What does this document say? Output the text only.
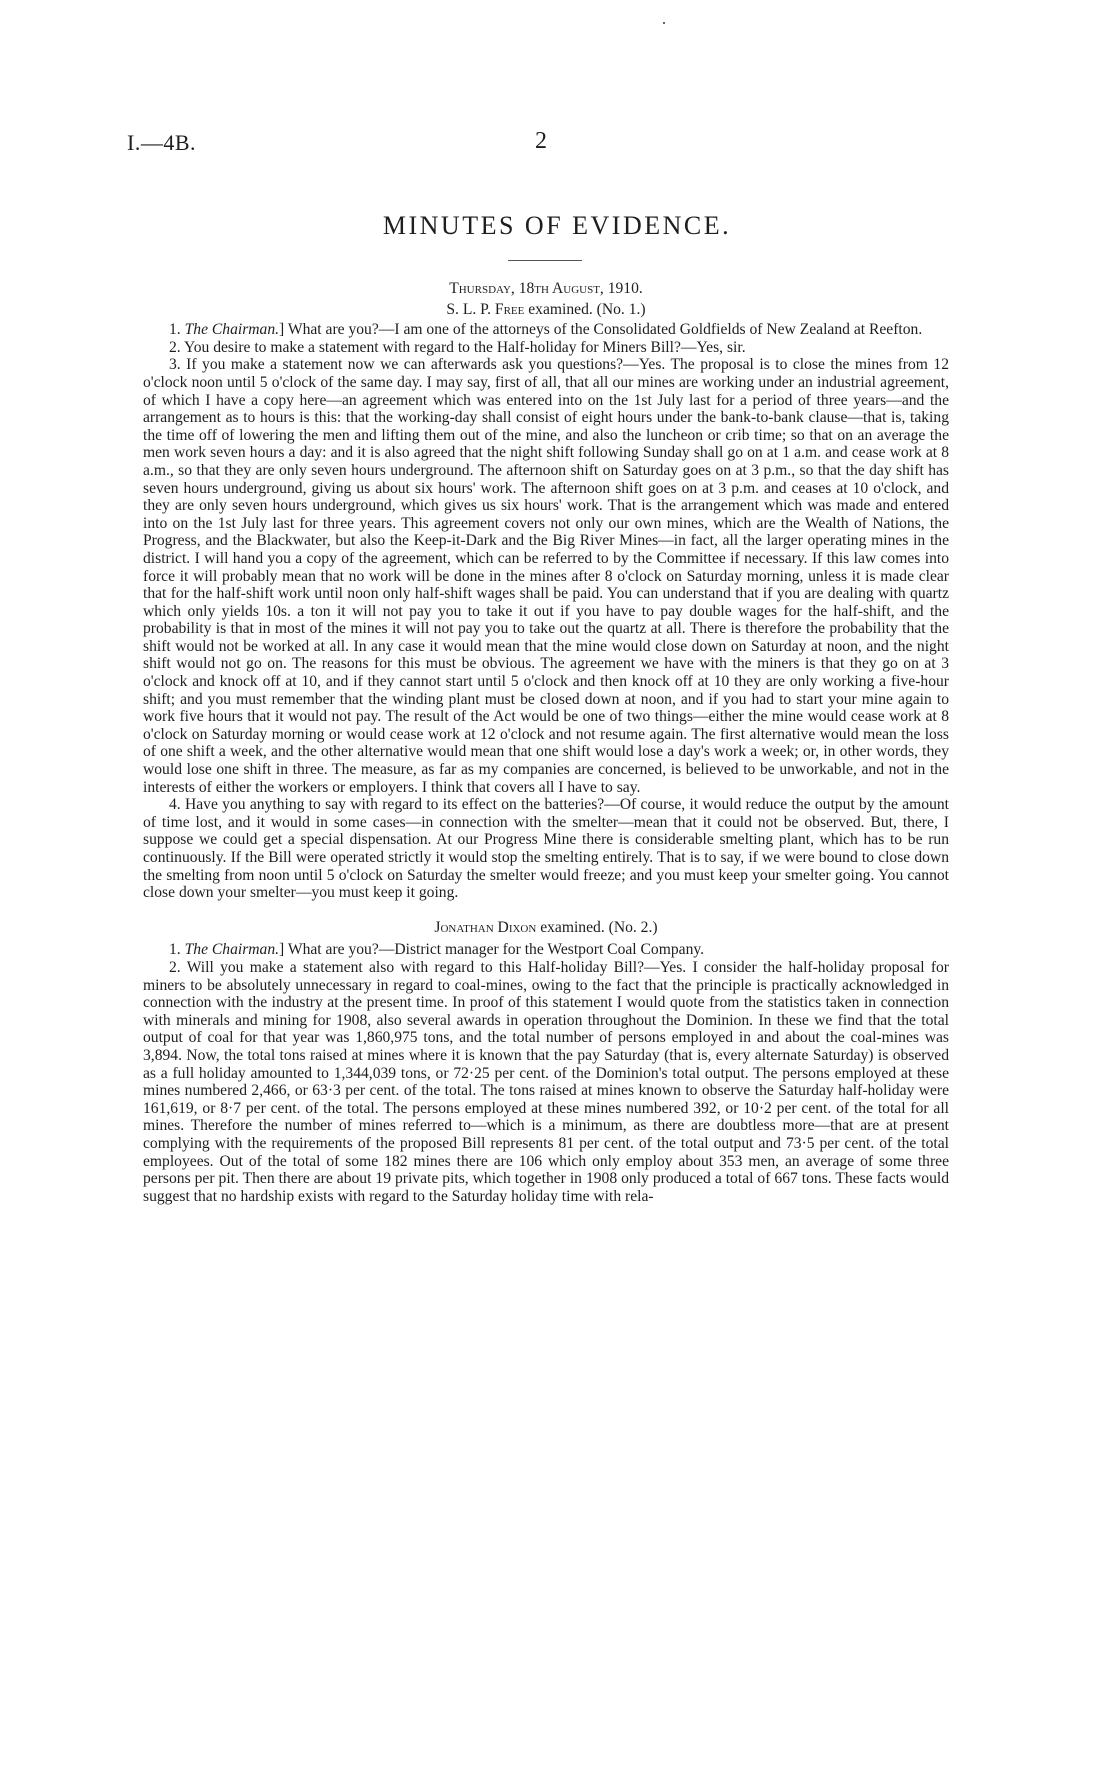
I.—4B.	2
MINUTES OF EVIDENCE.
Thursday, 18th August, 1910.
S. L. P. Free examined. (No. 1.)

1. The Chairman.] What are you?—I am one of the attorneys of the Consolidated Goldfields of New Zealand at Reefton.

2. You desire to make a statement with regard to the Half-holiday for Miners Bill?—Yes, sir.

3. If you make a statement now we can afterwards ask you questions?—Yes. The proposal is to close the mines from 12 o'clock noon until 5 o'clock of the same day. I may say, first of all, that all our mines are working under an industrial agreement, of which I have a copy here—an agreement which was entered into on the 1st July last for a period of three years—and the arrangement as to hours is this: that the working-day shall consist of eight hours under the bank-to-bank clause—that is, taking the time off of lowering the men and lifting them out of the mine, and also the luncheon or crib time; so that on an average the men work seven hours a day: and it is also agreed that the night shift following Sunday shall go on at 1 a.m. and cease work at 8 a.m., so that they are only seven hours underground. The afternoon shift on Saturday goes on at 3 p.m., so that the day shift has seven hours underground, giving us about six hours' work. The afternoon shift goes on at 3 p.m. and ceases at 10 o'clock, and they are only seven hours underground, which gives us six hours' work. That is the arrangement which was made and entered into on the 1st July last for three years. This agreement covers not only our own mines, which are the Wealth of Nations, the Progress, and the Blackwater, but also the Keep-it-Dark and the Big River Mines—in fact, all the larger operating mines in the district. I will hand you a copy of the agreement, which can be referred to by the Committee if necessary. If this law comes into force it will probably mean that no work will be done in the mines after 8 o'clock on Saturday morning, unless it is made clear that for the half-shift work until noon only half-shift wages shall be paid. You can understand that if you are dealing with quartz which only yields 10s. a ton it will not pay you to take it out if you have to pay double wages for the half-shift, and the probability is that in most of the mines it will not pay you to take out the quartz at all. There is therefore the probability that the shift would not be worked at all. In any case it would mean that the mine would close down on Saturday at noon, and the night shift would not go on. The reasons for this must be obvious. The agreement we have with the miners is that they go on at 3 o'clock and knock off at 10, and if they cannot start until 5 o'clock and then knock off at 10 they are only working a five-hour shift; and you must remember that the winding plant must be closed down at noon, and if you had to start your mine again to work five hours that it would not pay. The result of the Act would be one of two things—either the mine would cease work at 8 o'clock on Saturday morning or would cease work at 12 o'clock and not resume again. The first alternative would mean the loss of one shift a week, and the other alternative would mean that one shift would lose a day's work a week; or, in other words, they would lose one shift in three. The measure, as far as my companies are concerned, is believed to be unworkable, and not in the interests of either the workers or employers. I think that covers all I have to say.

4. Have you anything to say with regard to its effect on the batteries?—Of course, it would reduce the output by the amount of time lost, and it would in some cases—in connection with the smelter—mean that it could not be observed. But, there, I suppose we could get a special dispensation. At our Progress Mine there is considerable smelting plant, which has to be run continuously. If the Bill were operated strictly it would stop the smelting entirely. That is to say, if we were bound to close down the smelting from noon until 5 o'clock on Saturday the smelter would freeze; and you must keep your smelter going. You cannot close down your smelter—you must keep it going.

Jonathan Dixon examined. (No. 2.)

1. The Chairman.] What are you?—District manager for the Westport Coal Company.

2. Will you make a statement also with regard to this Half-holiday Bill?—Yes. I consider the half-holiday proposal for miners to be absolutely unnecessary in regard to coal-mines, owing to the fact that the principle is practically acknowledged in connection with the industry at the present time. In proof of this statement I would quote from the statistics taken in connection with minerals and mining for 1908, also several awards in operation throughout the Dominion. In these we find that the total output of coal for that year was 1,860,975 tons, and the total number of persons employed in and about the coal-mines was 3,894. Now, the total tons raised at mines where it is known that the pay Saturday (that is, every alternate Saturday) is observed as a full holiday amounted to 1,344,039 tons, or 72·25 per cent. of the Dominion's total output. The persons employed at these mines numbered 2,466, or 63·3 per cent. of the total. The tons raised at mines known to observe the Saturday half-holiday were 161,619, or 8·7 per cent. of the total. The persons employed at these mines numbered 392, or 10·2 per cent. of the total for all mines. Therefore the number of mines referred to—which is a minimum, as there are doubtless more—that are at present complying with the requirements of the proposed Bill represents 81 per cent. of the total output and 73·5 per cent. of the total employees. Out of the total of some 182 mines there are 106 which only employ about 353 men, an average of some three persons per pit. Then there are about 19 private pits, which together in 1908 only produced a total of 667 tons. These facts would suggest that no hardship exists with regard to the Saturday holiday time with rela-
